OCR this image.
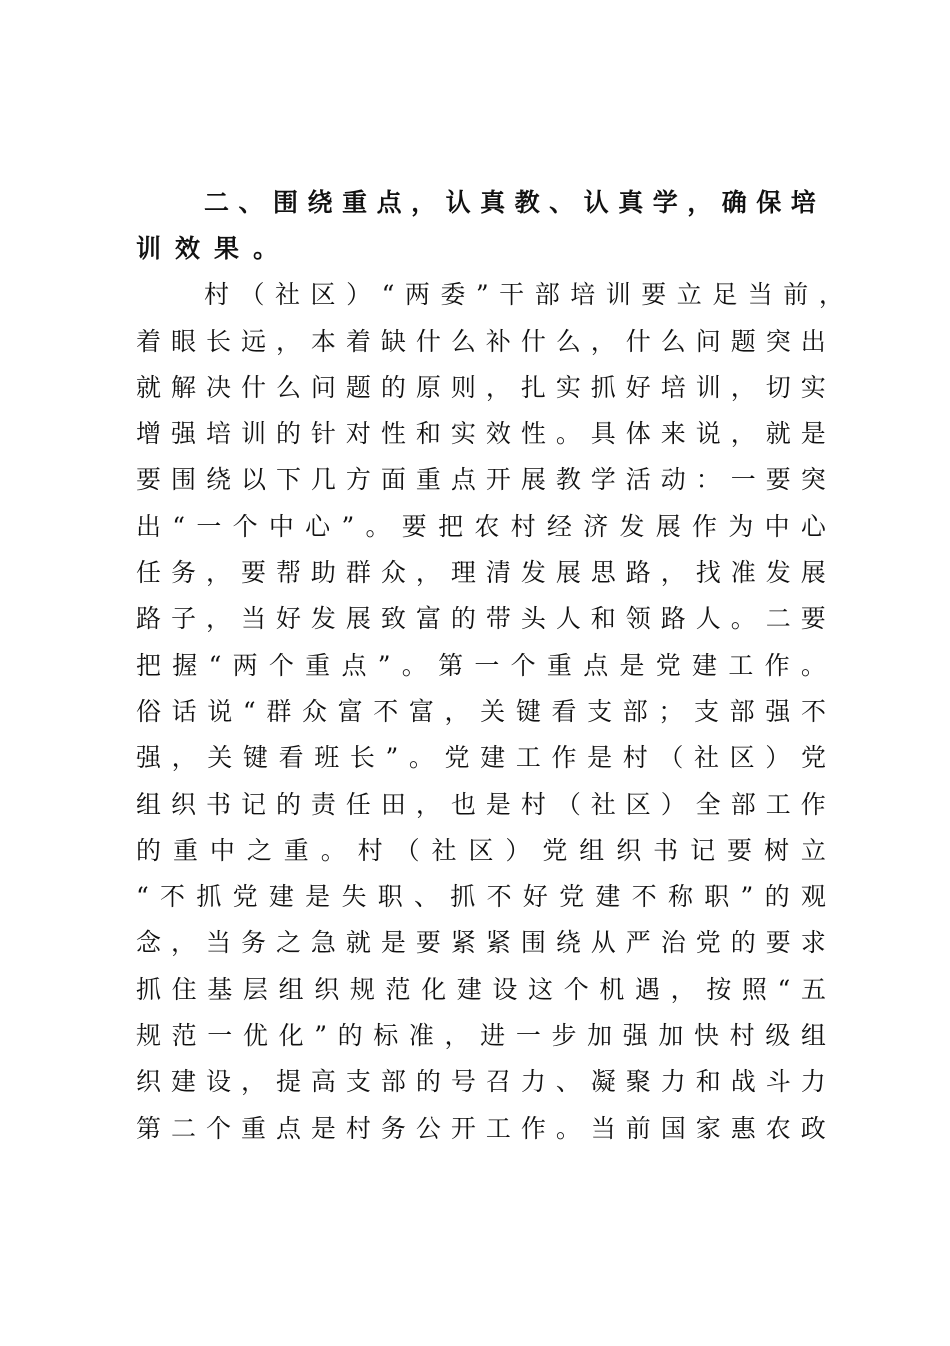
二 、 围 绕 重 点 ， 认 真 教 、 认 真 学 ， 确 保 培
训效果。
村 （ 社 区 ） “ 两 委 ” 干 部 培 训 要 立 足 当 前 ，
着 眼 长 远 ， 本 着 缺 什 么 补 什 么 ， 什 么 问 题 突 出
就 解 决 什 么 问 题 的 原 则 ， 扎 实 抓 好 培 训 ， 切 实
增 强 培 训 的 针 对 性 和 实 效 性 。 具 体 来 说 ， 就 是
要 围 绕 以 下 几 方 面 重 点 开 展 教 学 活 动 ： 一 要 突
出 “ 一 个 中 心 ” 。 要 把 农 村 经 济 发 展 作 为 中 心
任 务 ， 要 帮 助 群 众 ， 理 清 发 展 思 路 ， 找 准 发 展
路 子 ， 当 好 发 展 致 富 的 带 头 人 和 领 路 人 。 二 要
把 握 “ 两 个 重 点 ” 。 第 一 个 重 点 是 党 建 工 作 。
俗 话 说 “ 群 众 富 不 富 ， 关 键 看 支 部 ； 支 部 强 不
强 ， 关 键 看 班 长 ” 。 党 建 工 作 是 村 （ 社 区 ） 党
组 织 书 记 的 责 任 田 ， 也 是 村 （ 社 区 ） 全 部 工 作
的 重 中 之 重 。 村 （ 社 区 ） 党 组 织 书 记 要 树 立
“ 不 抓 党 建 是 失 职 、 抓 不 好 党 建 不 称 职 ” 的 观
念 ， 当 务 之 急 就 是 要 紧 紧 围 绕 从 严 治 党 的 要 求
抓 住 基 层 组 织 规 范 化 建 设 这 个 机 遇 ， 按 照 “ 五
规 范 一 优 化 ” 的 标 准 ， 进 一 步 加 强 加 快 村 级 组
织 建 设 ， 提 高 支 部 的 号 召 力 、 凝 聚 力 和 战 斗 力
第 二 个 重 点 是 村 务 公 开 工 作 。 当 前 国 家 惠 农 政
